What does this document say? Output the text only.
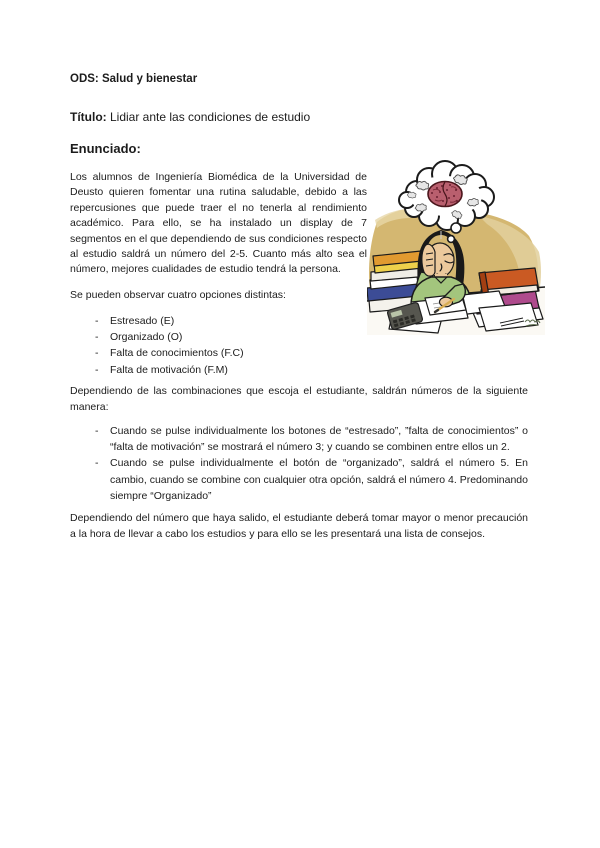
ODS: Salud y bienestar
Título: Lidiar ante las condiciones de estudio
Enunciado:

Los alumnos de Ingeniería Biomédica de la Universidad de Deusto quieren fomentar una rutina saludable, debido a las repercusiones que puede traer el no tenerla al rendimiento académico. Para ello, se ha instalado un display de 7 segmentos en el que dependiendo de sus condiciones respecto al estudio saldrá un número del 2-5. Cuanto más alto sea el número, mejores cualidades de estudio tendrá la persona.

Se pueden observar cuatro opciones distintas:

-	Estresado (E)
-	Organizado (O)
-	Falta de conocimientos (F.C)
-	Falta de motivación (F.M)

Dependiendo de las combinaciones que escoja el estudiante, saldrán números de la siguiente manera:

-	Cuando se pulse individualmente los botones de “estresado”, ”falta de conocimientos” o “falta de motivación” se mostrará el número 3; y cuando se combinen entre ellos un 2.
-	Cuando se pulse individualmente el botón de “organizado”, saldrá el número 5. En cambio, cuando se combine con cualquier otra opción, saldrá el número 4. Predominando siempre “Organizado”

Dependiendo del número que haya salido, el estudiante deberá tomar mayor o menor precaución a la hora de llevar a cabo los estudios y para ello se les presentará una lista de consejos.
